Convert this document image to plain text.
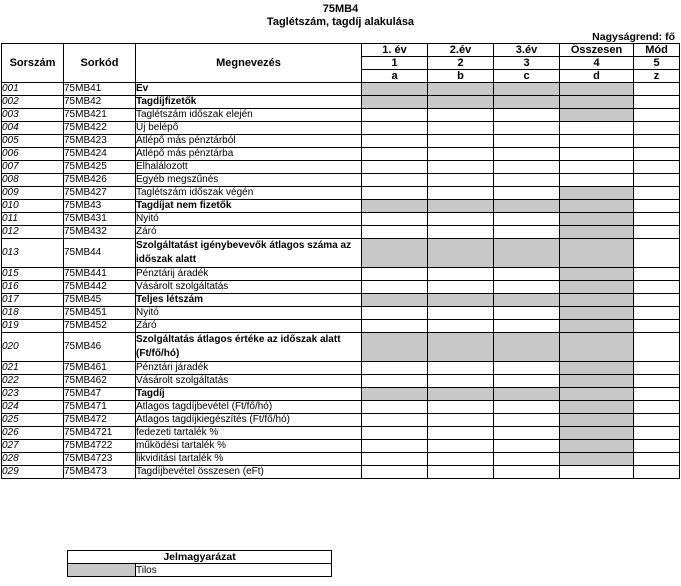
75MB4
Taglétszám, tagdíj alakulása
Nagyságrend: fő
Sorszám	Sorkód	Megnevezés	1. év	2.év	3.év	Összesen	Mód
			1	2	3	4	5
			a	b	c	d	z
001	75MB41	Év					
002	75MB42	Tagdíjfizetők					
003	75MB421	Taglétszám időszak elején					
004	75MB422	Új belépő					
005	75MB423	Átlépő más pénztárból					
006	75MB424	Átlépő más pénztárba					
007	75MB425	Elhalálozott					
008	75MB426	Egyéb megszűnés					
009	75MB427	Taglétszám időszak végén					
010	75MB43	Tagdíjat nem fizetők					
011	75MB431	Nyitó					
012	75MB432	Záró					
013	75MB44	Szolgáltatást igénybevevők átlagos száma az időszak alatt					
015	75MB441	Pénztárij áradék					
016	75MB442	Vásárolt szolgáltatás					
017	75MB45	Teljes létszám					
018	75MB451	Nyitó					
019	75MB452	Záró					
020	75MB46	Szolgáltatás átlagos értéke az időszak alatt (Ft/fő/hó)					
021	75MB461	Pénztári járadék					
022	75MB462	Vásárolt szolgáltatás					
023	75MB47	Tagdíj					
024	75MB471	Átlagos tagdíjbevétel (Ft/fő/hó)					
025	75MB472	Átlagos tagdíjkiegészítés (Ft/fő/hó)					
026	75MB4721	fedezeti tartalék %					
027	75MB4722	működési tartalék %					
028	75MB4723	likviditási tartalék %					
029	75MB473	Tagdíjbevétel összesen (eFt)					
Jelmagyarázat
	Tilos
